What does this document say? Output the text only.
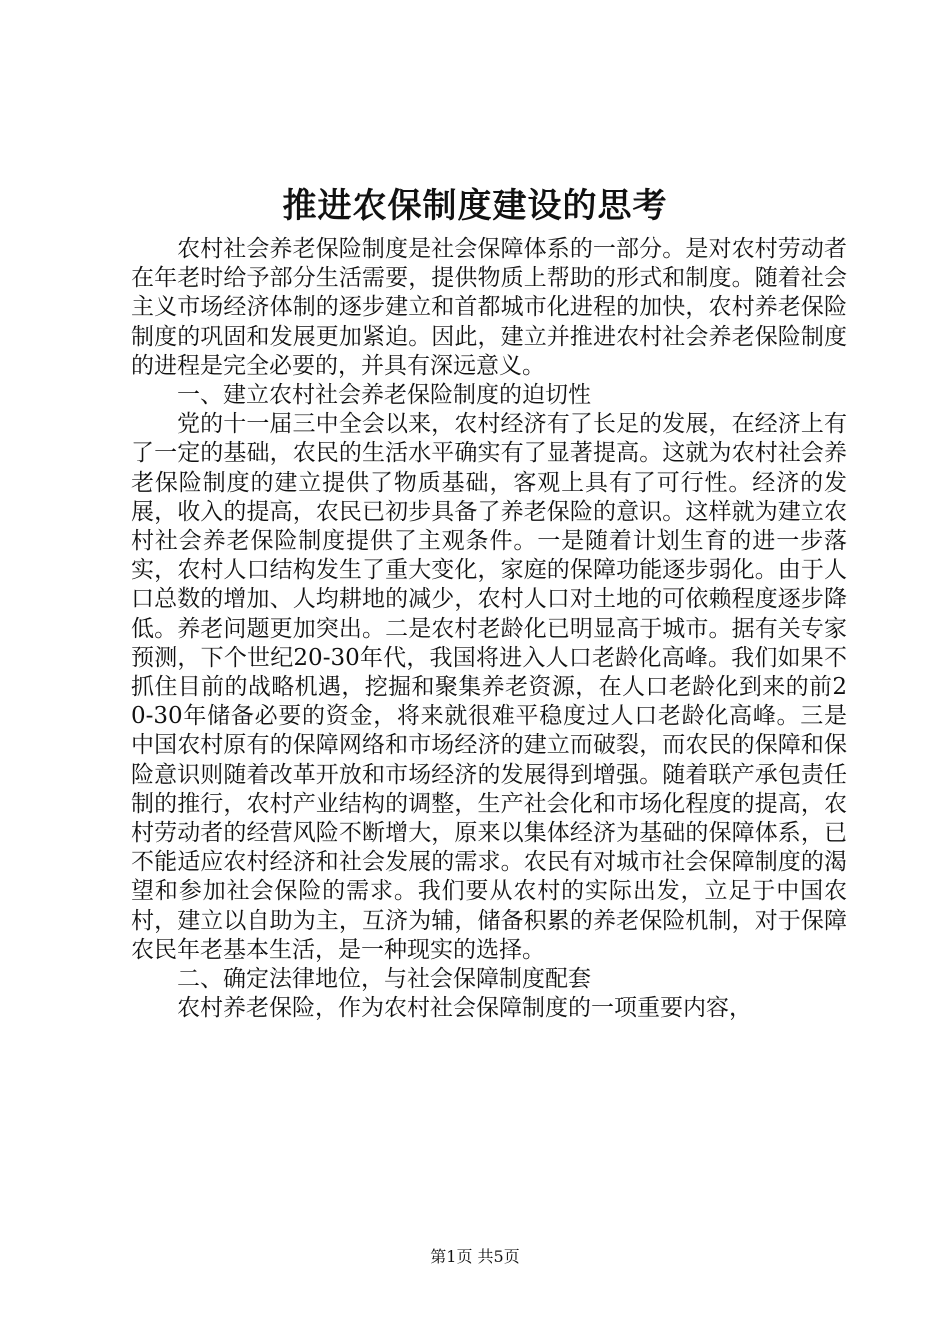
推进农保制度建设的思考

农村社会养老保险制度是社会保障体系的一部分。是对农村劳动者在年老时给予部分生活需要，提供物质上帮助的形式和制度。随着社会主义市场经济体制的逐步建立和首都城市化进程的加快，农村养老保险制度的巩固和发展更加紧迫。因此，建立并推进农村社会养老保险制度的进程是完全必要的，并具有深远意义。

一、建立农村社会养老保险制度的迫切性

党的十一届三中全会以来，农村经济有了长足的发展，在经济上有了一定的基础，农民的生活水平确实有了显著提高。这就为农村社会养老保险制度的建立提供了物质基础，客观上具有了可行性。经济的发展，收入的提高，农民已初步具备了养老保险的意识。这样就为建立农村社会养老保险制度提供了主观条件。一是随着计划生育的进一步落实，农村人口结构发生了重大变化，家庭的保障功能逐步弱化。由于人口总数的增加、人均耕地的减少，农村人口对土地的可依赖程度逐步降低。养老问题更加突出。二是农村老龄化已明显高于城市。据有关专家预测，下个世纪20-30年代，我国将进入人口老龄化高峰。我们如果不抓住目前的战略机遇，挖掘和聚集养老资源，在人口老龄化到来的前20-30年储备必要的资金，将来就很难平稳度过人口老龄化高峰。三是中国农村原有的保障网络和市场经济的建立而破裂，而农民的保障和保险意识则随着改革开放和市场经济的发展得到增强。随着联产承包责任制的推行，农村产业结构的调整，生产社会化和市场化程度的提高，农村劳动者的经营风险不断增大，原来以集体经济为基础的保障体系，已不能适应农村经济和社会发展的需求。农民有对城市社会保障制度的渴望和参加社会保险的需求。我们要从农村的实际出发，立足于中国农村，建立以自助为主，互济为辅，储备积累的养老保险机制，对于保障农民年老基本生活，是一种现实的选择。

二、确定法律地位，与社会保障制度配套

农村养老保险，作为农村社会保障制度的一项重要内容，

第1页 共5页
